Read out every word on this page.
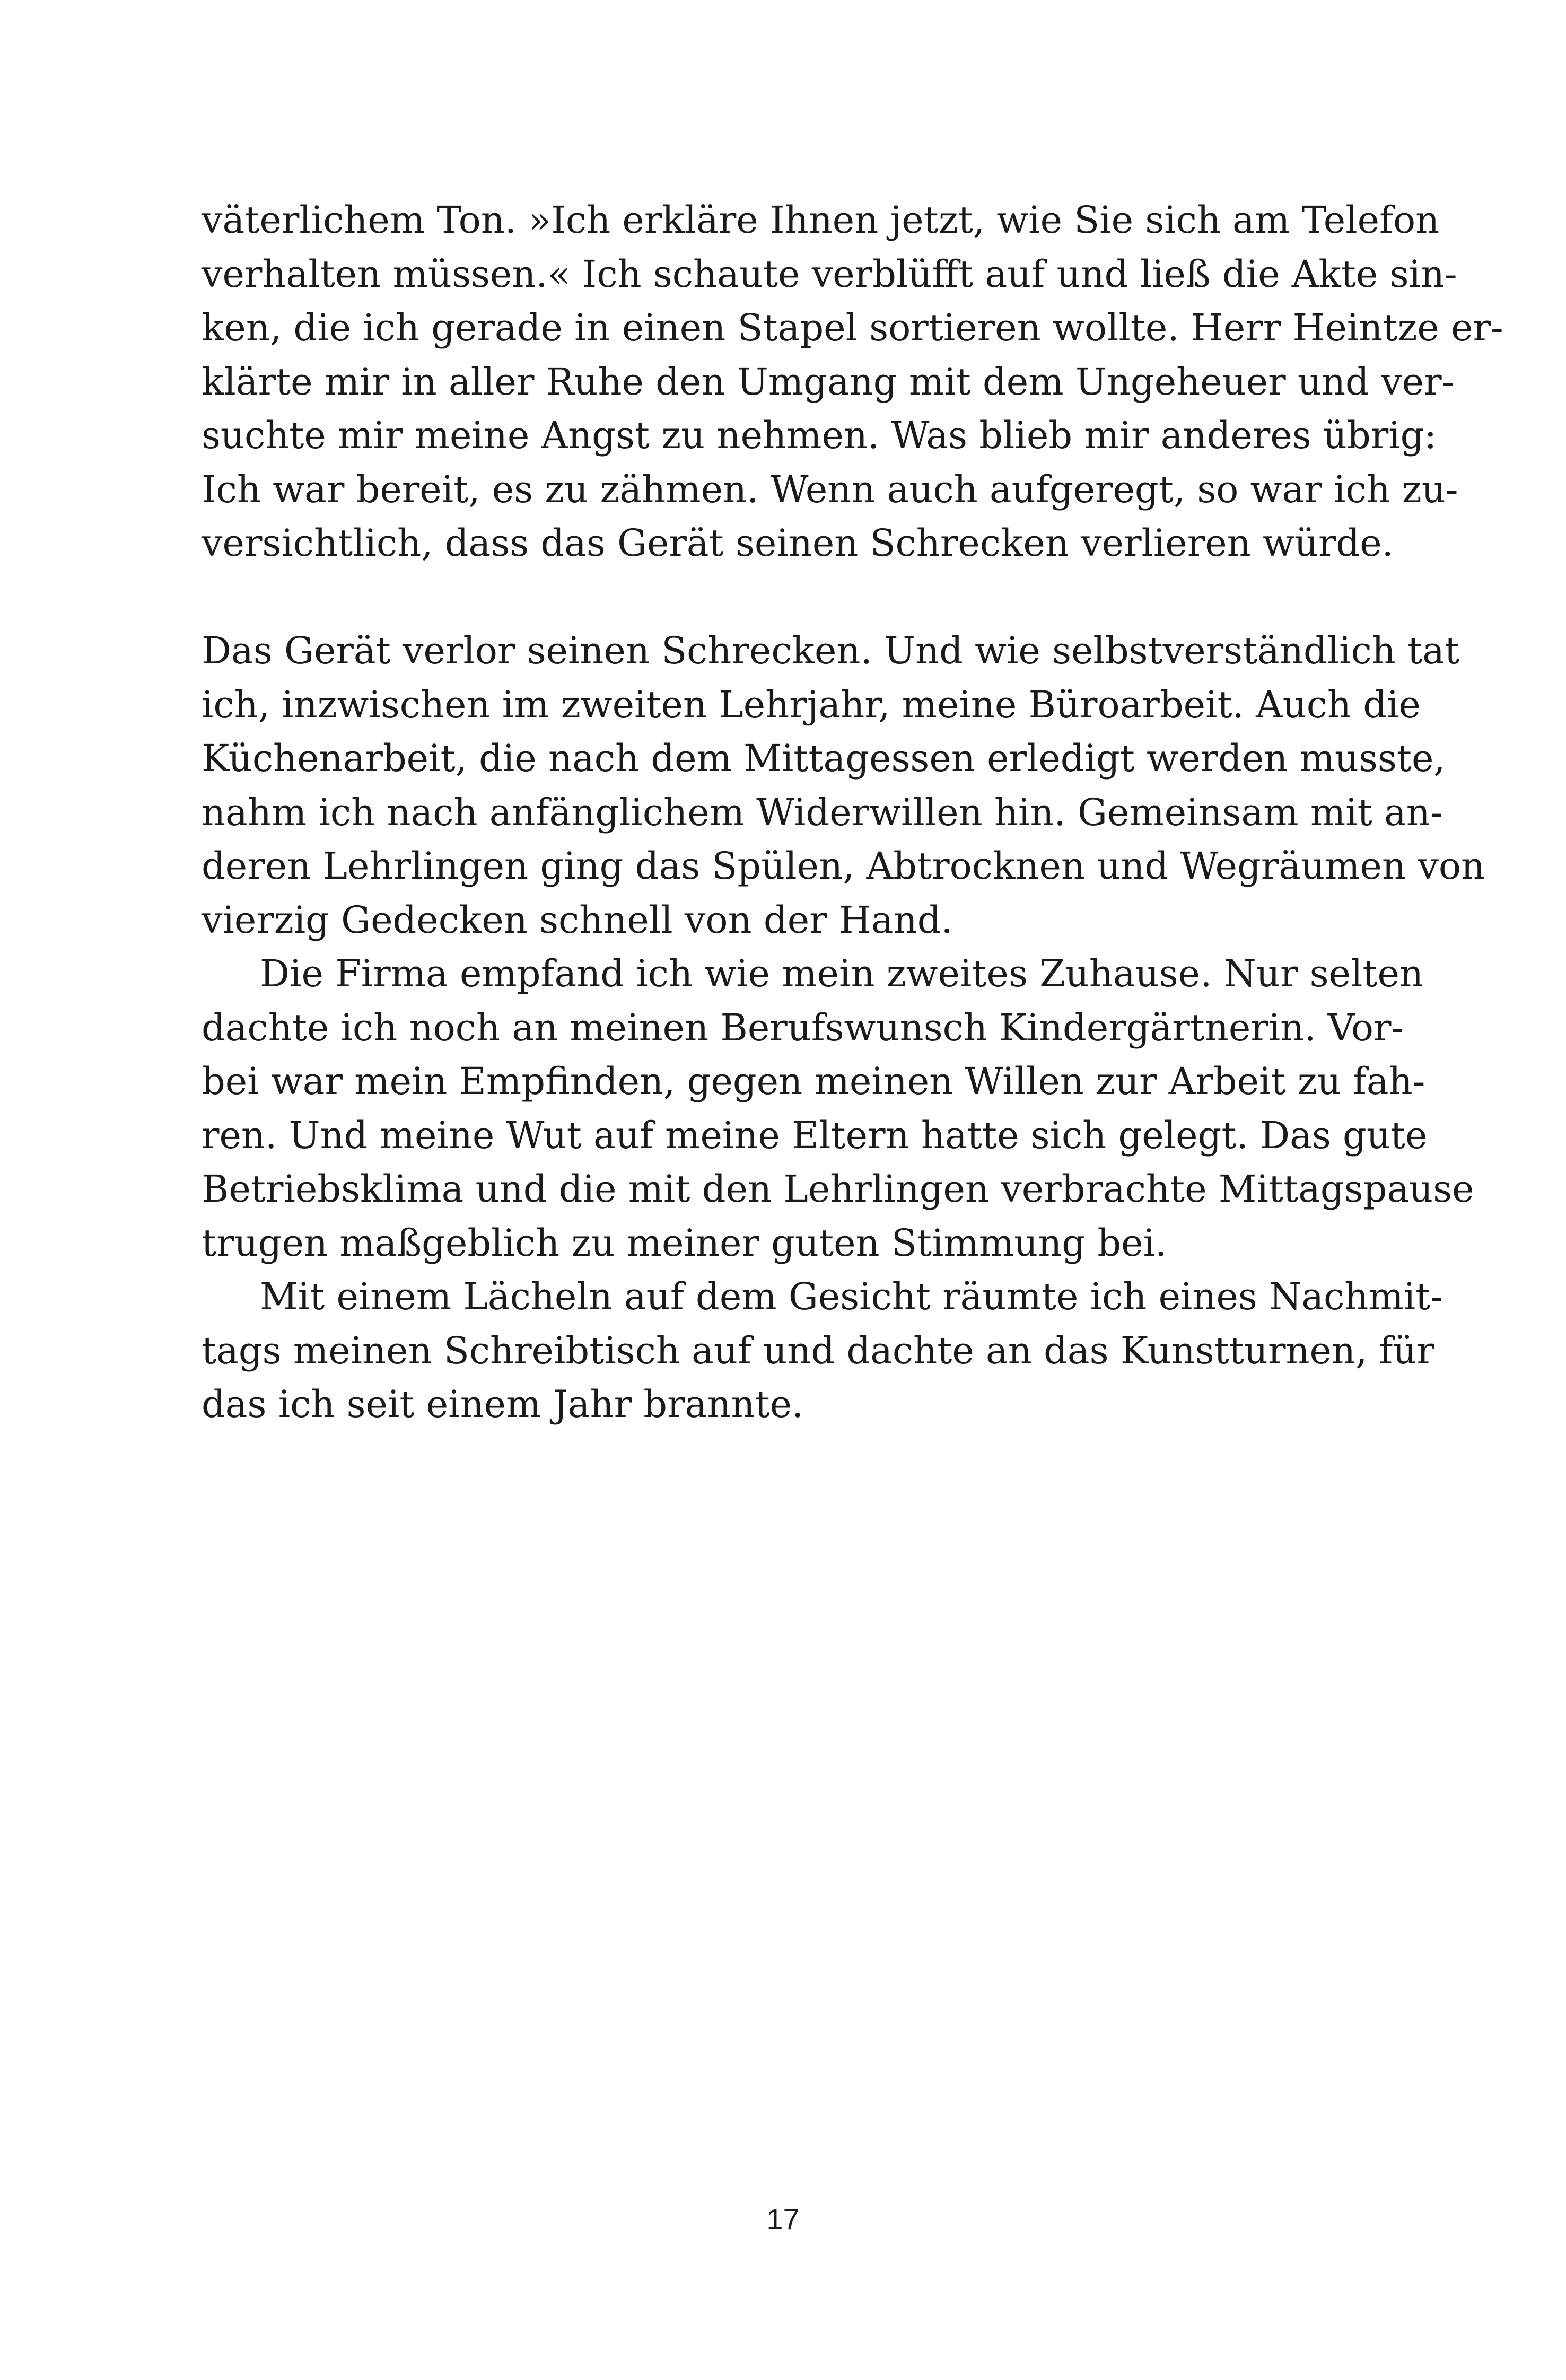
väterlichem Ton. »Ich erkläre Ihnen jetzt, wie Sie sich am Telefon
verhalten müssen.« Ich schaute verblüfft auf und ließ die Akte sin-
ken, die ich gerade in einen Stapel sortieren wollte. Herr Heintze er-
klärte mir in aller Ruhe den Umgang mit dem Ungeheuer und ver-
suchte mir meine Angst zu nehmen. Was blieb mir anderes übrig:
Ich war bereit, es zu zähmen. Wenn auch aufgeregt, so war ich zu-
versichtlich, dass das Gerät seinen Schrecken verlieren würde.
Das Gerät verlor seinen Schrecken. Und wie selbstverständlich tat
ich, inzwischen im zweiten Lehrjahr, meine Büroarbeit. Auch die
Küchenarbeit, die nach dem Mittagessen erledigt werden musste,
nahm ich nach anfänglichem Widerwillen hin. Gemeinsam mit an-
deren Lehrlingen ging das Spülen, Abtrocknen und Wegräumen von
vierzig Gedecken schnell von der Hand.
Die Firma empfand ich wie mein zweites Zuhause. Nur selten
dachte ich noch an meinen Berufswunsch Kindergärtnerin. Vor-
bei war mein Empfinden, gegen meinen Willen zur Arbeit zu fah-
ren. Und meine Wut auf meine Eltern hatte sich gelegt. Das gute
Betriebsklima und die mit den Lehrlingen verbrachte Mittagspause
trugen maßgeblich zu meiner guten Stimmung bei.
Mit einem Lächeln auf dem Gesicht räumte ich eines Nachmit-
tags meinen Schreibtisch auf und dachte an das Kunstturnen, für
das ich seit einem Jahr brannte.
17
